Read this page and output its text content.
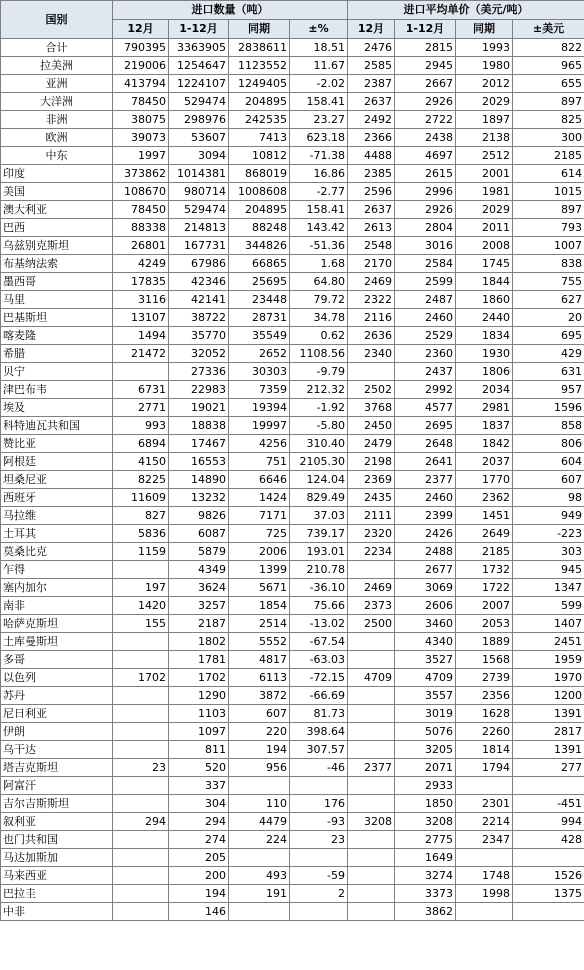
国别	进口数量（吨）				进口平均单价（美元/吨）			
	12月	1-12月	同期	±%	12月	1-12月	同期	±美元
合计	790395	3363905	2838611	18.51	2476	2815	1993	822
拉美洲	219006	1254647	1123552	11.67	2585	2945	1980	965
亚洲	413794	1224107	1249405	-2.02	2387	2667	2012	655
大洋洲	78450	529474	204895	158.41	2637	2926	2029	897
非洲	38075	298976	242535	23.27	2492	2722	1897	825
欧洲	39073	53607	7413	623.18	2366	2438	2138	300
中东	1997	3094	10812	-71.38	4488	4697	2512	2185
印度	373862	1014381	868019	16.86	2385	2615	2001	614
美国	108670	980714	1008608	-2.77	2596	2996	1981	1015
澳大利亚	78450	529474	204895	158.41	2637	2926	2029	897
巴西	88338	214813	88248	143.42	2613	2804	2011	793
乌兹别克斯坦	26801	167731	344826	-51.36	2548	3016	2008	1007
布基纳法索	4249	67986	66865	1.68	2170	2584	1745	838
墨西哥	17835	42346	25695	64.80	2469	2599	1844	755
马里	3116	42141	23448	79.72	2322	2487	1860	627
巴基斯坦	13107	38722	28731	34.78	2116	2460	2440	20
喀麦隆	1494	35770	35549	0.62	2636	2529	1834	695
希腊	21472	32052	2652	1108.56	2340	2360	1930	429
贝宁		27336	30303	-9.79		2437	1806	631
津巴布韦	6731	22983	7359	212.32	2502	2992	2034	957
埃及	2771	19021	19394	-1.92	3768	4577	2981	1596
科特迪瓦共和国	993	18838	19997	-5.80	2450	2695	1837	858
赞比亚	6894	17467	4256	310.40	2479	2648	1842	806
阿根廷	4150	16553	751	2105.30	2198	2641	2037	604
坦桑尼亚	8225	14890	6646	124.04	2369	2377	1770	607
西班牙	11609	13232	1424	829.49	2435	2460	2362	98
马拉维	827	9826	7171	37.03	2111	2399	1451	949
土耳其	5836	6087	725	739.17	2320	2426	2649	-223
莫桑比克	1159	5879	2006	193.01	2234	2488	2185	303
乍得		4349	1399	210.78		2677	1732	945
塞内加尔	197	3624	5671	-36.10	2469	3069	1722	1347
南非	1420	3257	1854	75.66	2373	2606	2007	599
哈萨克斯坦	155	2187	2514	-13.02	2500	3460	2053	1407
土库曼斯坦		1802	5552	-67.54		4340	1889	2451
多哥		1781	4817	-63.03		3527	1568	1959
以色列	1702	1702	6113	-72.15	4709	4709	2739	1970
苏丹		1290	3872	-66.69		3557	2356	1200
尼日利亚		1103	607	81.73		3019	1628	1391
伊朗		1097	220	398.64		5076	2260	2817
乌干达		811	194	307.57		3205	1814	1391
塔吉克斯坦	23	520	956	-46	2377	2071	1794	277
阿富汗		337				2933		
吉尔吉斯斯坦		304	110	176		1850	2301	-451
叙利亚	294	294	4479	-93	3208	3208	2214	994
也门共和国		274	224	23		2775	2347	428
马达加斯加		205				1649		
马来西亚		200	493	-59		3274	1748	1526
巴拉圭		194	191	2		3373	1998	1375
中非		146				3862		
